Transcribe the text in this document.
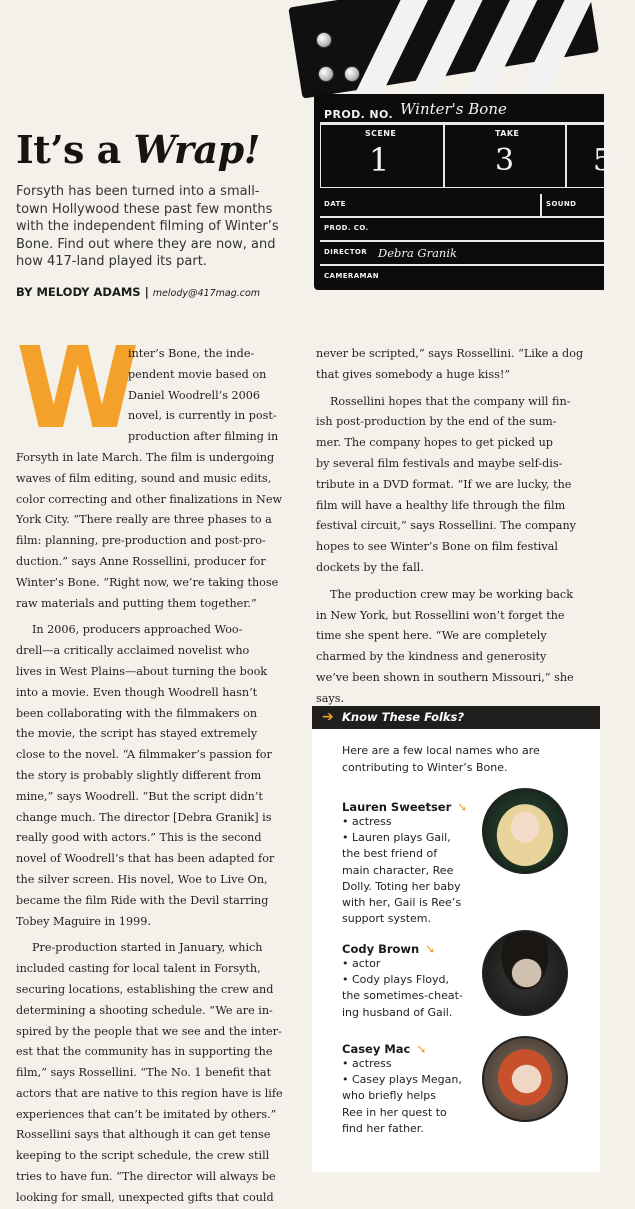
PROD. NO. Winter's Bone
SCENE
1
TAKE
3	5
DATE	SOUND
PROD. CO.
DIRECTOR Debra Granik
CAMERAMAN
It’s a Wrap!
Forsyth has been turned into a small-
town Hollywood these past few months
with the independent filming of Winter’s
Bone. Find out where they are now, and
how 417-land played its part.
BY MELODY ADAMS | melody@417mag.com
W

inter’s Bone, the inde-

pendent movie based on

Daniel Woodrell’s 2006

novel, is currently in post-

production after filming in

Forsyth in late March. The film is undergoing

waves of film editing, sound and music edits,

color correcting and other finalizations in New

York City. “There really are three phases to a

film: planning, pre-production and post-pro-

duction.” says Anne Rossellini, producer for

Winter’s Bone. “Right now, we’re taking those

raw materials and putting them together.”

In 2006, producers approached Woo-

drell—a critically acclaimed novelist who

lives in West Plains—about turning the book

into a movie. Even though Woodrell hasn’t

been collaborating with the filmmakers on

the movie, the script has stayed extremely

close to the novel. “A filmmaker’s passion for

the story is probably slightly different from

mine,” says Woodrell. “But the script didn’t

change much. The director [Debra Granik] is

really good with actors.” This is the second

novel of Woodrell’s that has been adapted for

the silver screen. His novel, Woe to Live On,

became the film Ride with the Devil starring

Tobey Maguire in 1999.

Pre-production started in January, which

included casting for local talent in Forsyth,

securing locations, establishing the crew and

determining a shooting schedule. “We are in-

spired by the people that we see and the inter-

est that the community has in supporting the

film,” says Rossellini. “The No. 1 benefit that

actors that are native to this region have is life

experiences that can’t be imitated by others.”

Rossellini says that although it can get tense

keeping to the script schedule, the crew still

tries to have fun. “The director will always be

looking for small, unexpected gifts that could

never be scripted,” says Rossellini. “Like a dog

that gives somebody a huge kiss!”

Rossellini hopes that the company will fin-

ish post-production by the end of the sum-

mer. The company hopes to get picked up

by several film festivals and maybe self-dis-

tribute in a DVD format. “If we are lucky, the

film will have a healthy life through the film

festival circuit,” says Rossellini. The company

hopes to see Winter’s Bone on film festival

dockets by the fall.

The production crew may be working back

in New York, but Rossellini won’t forget the

time she spent here. “We are completely

charmed by the kindness and generosity

we’ve been shown in southern Missouri,” she

says.

➔ Know These Folks?
Here are a few local names who are
contributing to Winter’s Bone.
Lauren Sweetser ➘
• actress
• Lauren plays Gail,
the best friend of
main character, Ree
Dolly. Toting her baby
with her, Gail is Ree’s
support system.
Cody Brown ➘
• actor
• Cody plays Floyd,
the sometimes-cheat-
ing husband of Gail.
Casey Mac ➘
• actress
• Casey plays Megan,
who briefly helps
Ree in her quest to
find her father.
